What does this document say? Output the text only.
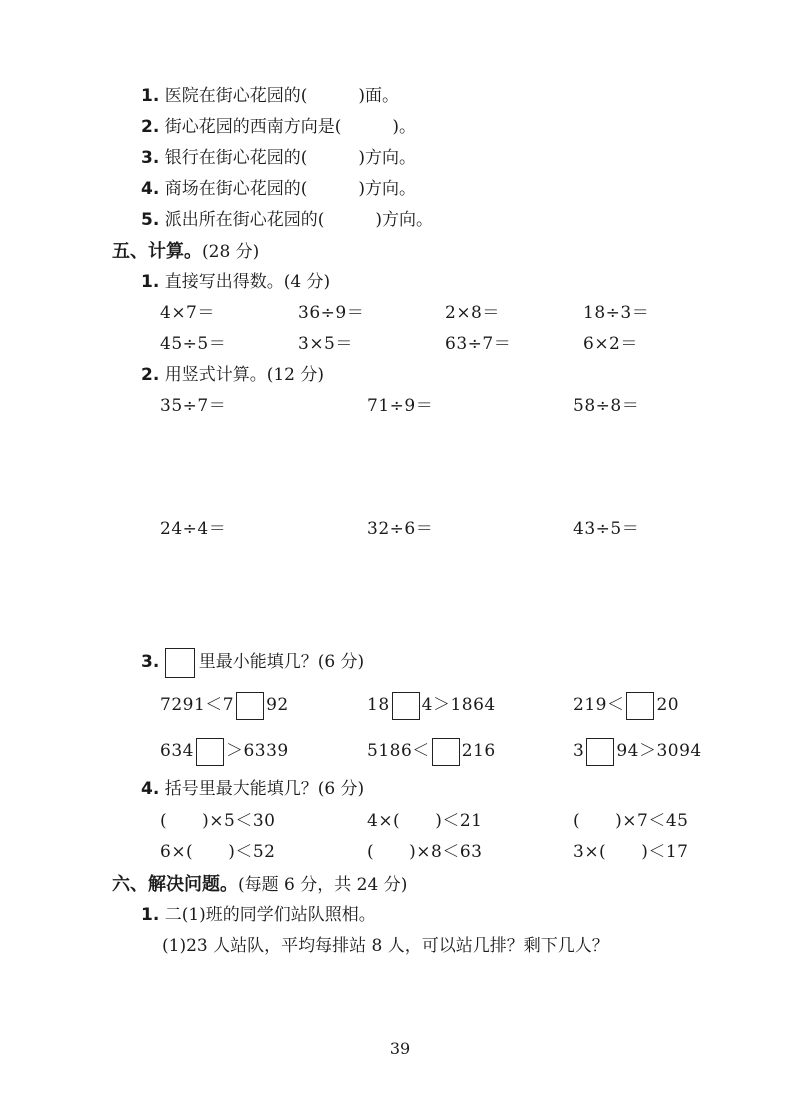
1. 医院在街心花园的(　　　)面。
2. 街心花园的西南方向是(　　　)。
3. 银行在街心花园的(　　　)方向。
4. 商场在街心花园的(　　　)方向。
5. 派出所在街心花园的(　　　)方向。
五、计算。(28 分)
1. 直接写出得数。(4 分)
4×7＝	36÷9＝	2×8＝	18÷3＝
45÷5＝	3×5＝	63÷7＝	6×2＝
2. 用竖式计算。(12 分)
35÷7＝	71÷9＝	58÷8＝
24÷4＝	32÷6＝	43÷5＝
3. 里最小能填几？(6 分)
7291＜7 92	18 4＞1864	219＜ 20
634 ＞6339	5186＜ 216	3 94＞3094
4. 括号里最大能填几？(6 分)
(　　)×5＜30	4×(　　)＜21	(　　)×7＜45
6×(　　)＜52	(　　)×8＜63	3×(　　)＜17
六、解决问题。(每题 6 分，共 24 分)
1. 二(1)班的同学们站队照相。
(1)23 人站队，平均每排站 8 人，可以站几排？剩下几人？
39
